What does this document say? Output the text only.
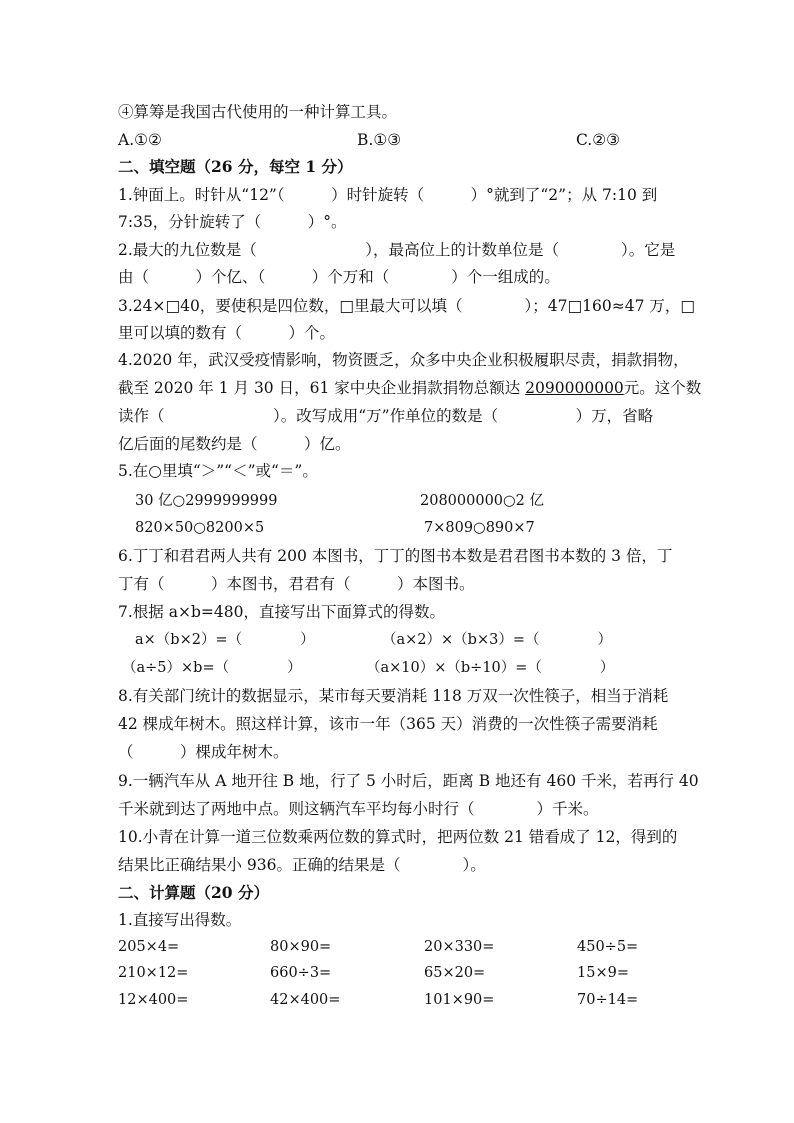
④算筹是我国古代使用的一种计算工具。
A.①②	B.①③	C.②③
二、填空题（26 分，每空 1 分）
1.钟面上。时针从“12”（　　　）时针旋转（　　　）°就到了“2”；从 7:10 到
7:35，分针旋转了（　　　）°。
2.最大的九位数是（　　　　　　　），最高位上的计数单位是（　　　　）。它是
由（　　　）个亿、（　　　）个万和（　　　　）个一组成的。
3.24×□40，要使积是四位数，□里最大可以填（　　　　）；47□160≈47 万，□
里可以填的数有（　　　）个。
4.2020 年，武汉受疫情影响，物资匮乏，众多中央企业积极履职尽责，捐款捐物，
截至 2020 年 1 月 30 日，61 家中央企业捐款捐物总额达 2090000000元。这个数
读作（　　　　　　　）。改写成用“万”作单位的数是（　　　　　）万，省略
亿后面的尾数约是（　　　）亿。
5.在○里填“＞”“＜”或“＝”。
30 亿○2999999999	208000000○2 亿
820×50○8200×5	7×809○890×7
6.丁丁和君君两人共有 200 本图书，丁丁的图书本数是君君图书本数的 3 倍，丁
丁有（　　　）本图书，君君有（　　　）本图书。
7.根据 a×b=480，直接写出下面算式的得数。
a×（b×2）=（　　　　）	（a×2）×（b×3）=（　　　　）
（a÷5）×b=（　　　　）	（a×10）×（b÷10）=（　　　　）
8.有关部门统计的数据显示，某市每天要消耗 118 万双一次性筷子，相当于消耗
42 棵成年树木。照这样计算，该市一年（365 天）消费的一次性筷子需要消耗
（　　　）棵成年树木。
9.一辆汽车从 A 地开往 B 地，行了 5 小时后，距离 B 地还有 460 千米，若再行 40
千米就到达了两地中点。则这辆汽车平均每小时行（　　　　）千米。
10.小青在计算一道三位数乘两位数的算式时，把两位数 21 错看成了 12，得到的
结果比正确结果小 936。正确的结果是（　　　　）。
二、计算题（20 分）
1.直接写出得数。
205×4=	80×90=	20×330=	450÷5=
210×12=	660÷3=	65×20=	15×9=
12×400=	42×400=	101×90=	70÷14=
